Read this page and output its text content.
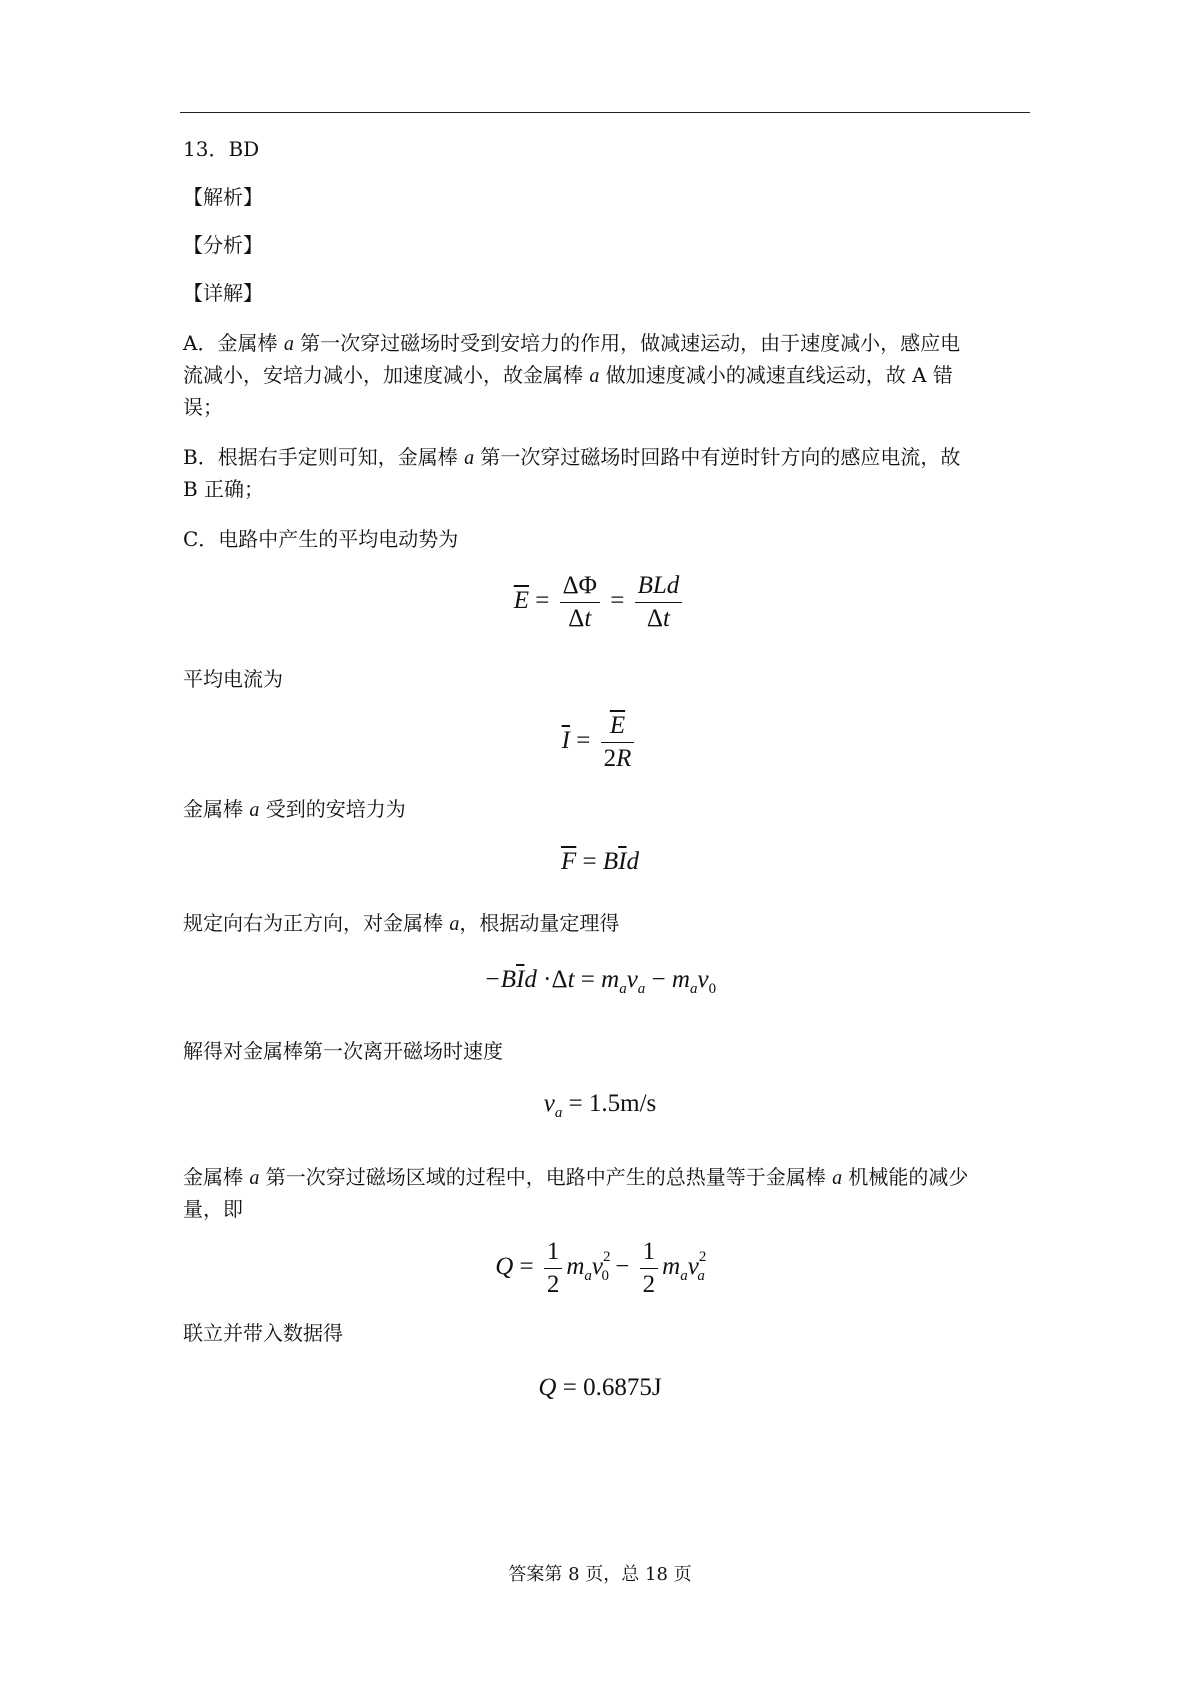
13．BD
【解析】
【分析】
【详解】
A．金属棒 a 第一次穿过磁场时受到安培力的作用，做减速运动，由于速度减小，感应电
流减小，安培力减小，加速度减小，故金属棒 a 做加速度减小的减速直线运动，故 A 错
误；
B．根据右手定则可知，金属棒 a 第一次穿过磁场时回路中有逆时针方向的感应电流，故
B 正确；
C．电路中产生的平均电动势为
$\overline{E} = \frac{\Delta\Phi}{\Delta t} = \frac{\text{BLd}}{\Delta t}$
平均电流为
$\overline{I} = \frac{\overline{E}}{2R}$
金属棒 a 受到的安培力为
$\overline{F} = B\overline{I}d$
规定向右为正方向，对金属棒 a，根据动量定理得
$-B\overline{I}d \cdot\Delta t = m_av_a - m_av_0$
解得对金属棒第一次离开磁场时速度
$v_a = 1.5m/s$
金属棒 a 第一次穿过磁场区域的过程中，电路中产生的总热量等于金属棒 a 机械能的减少
量，即
$Q = \frac{1}{2} m_av^2_0 - \frac{1}{2} m_av^2_a$
联立并带入数据得
Q = 0.6875J
答案第 8 页，总 18 页
